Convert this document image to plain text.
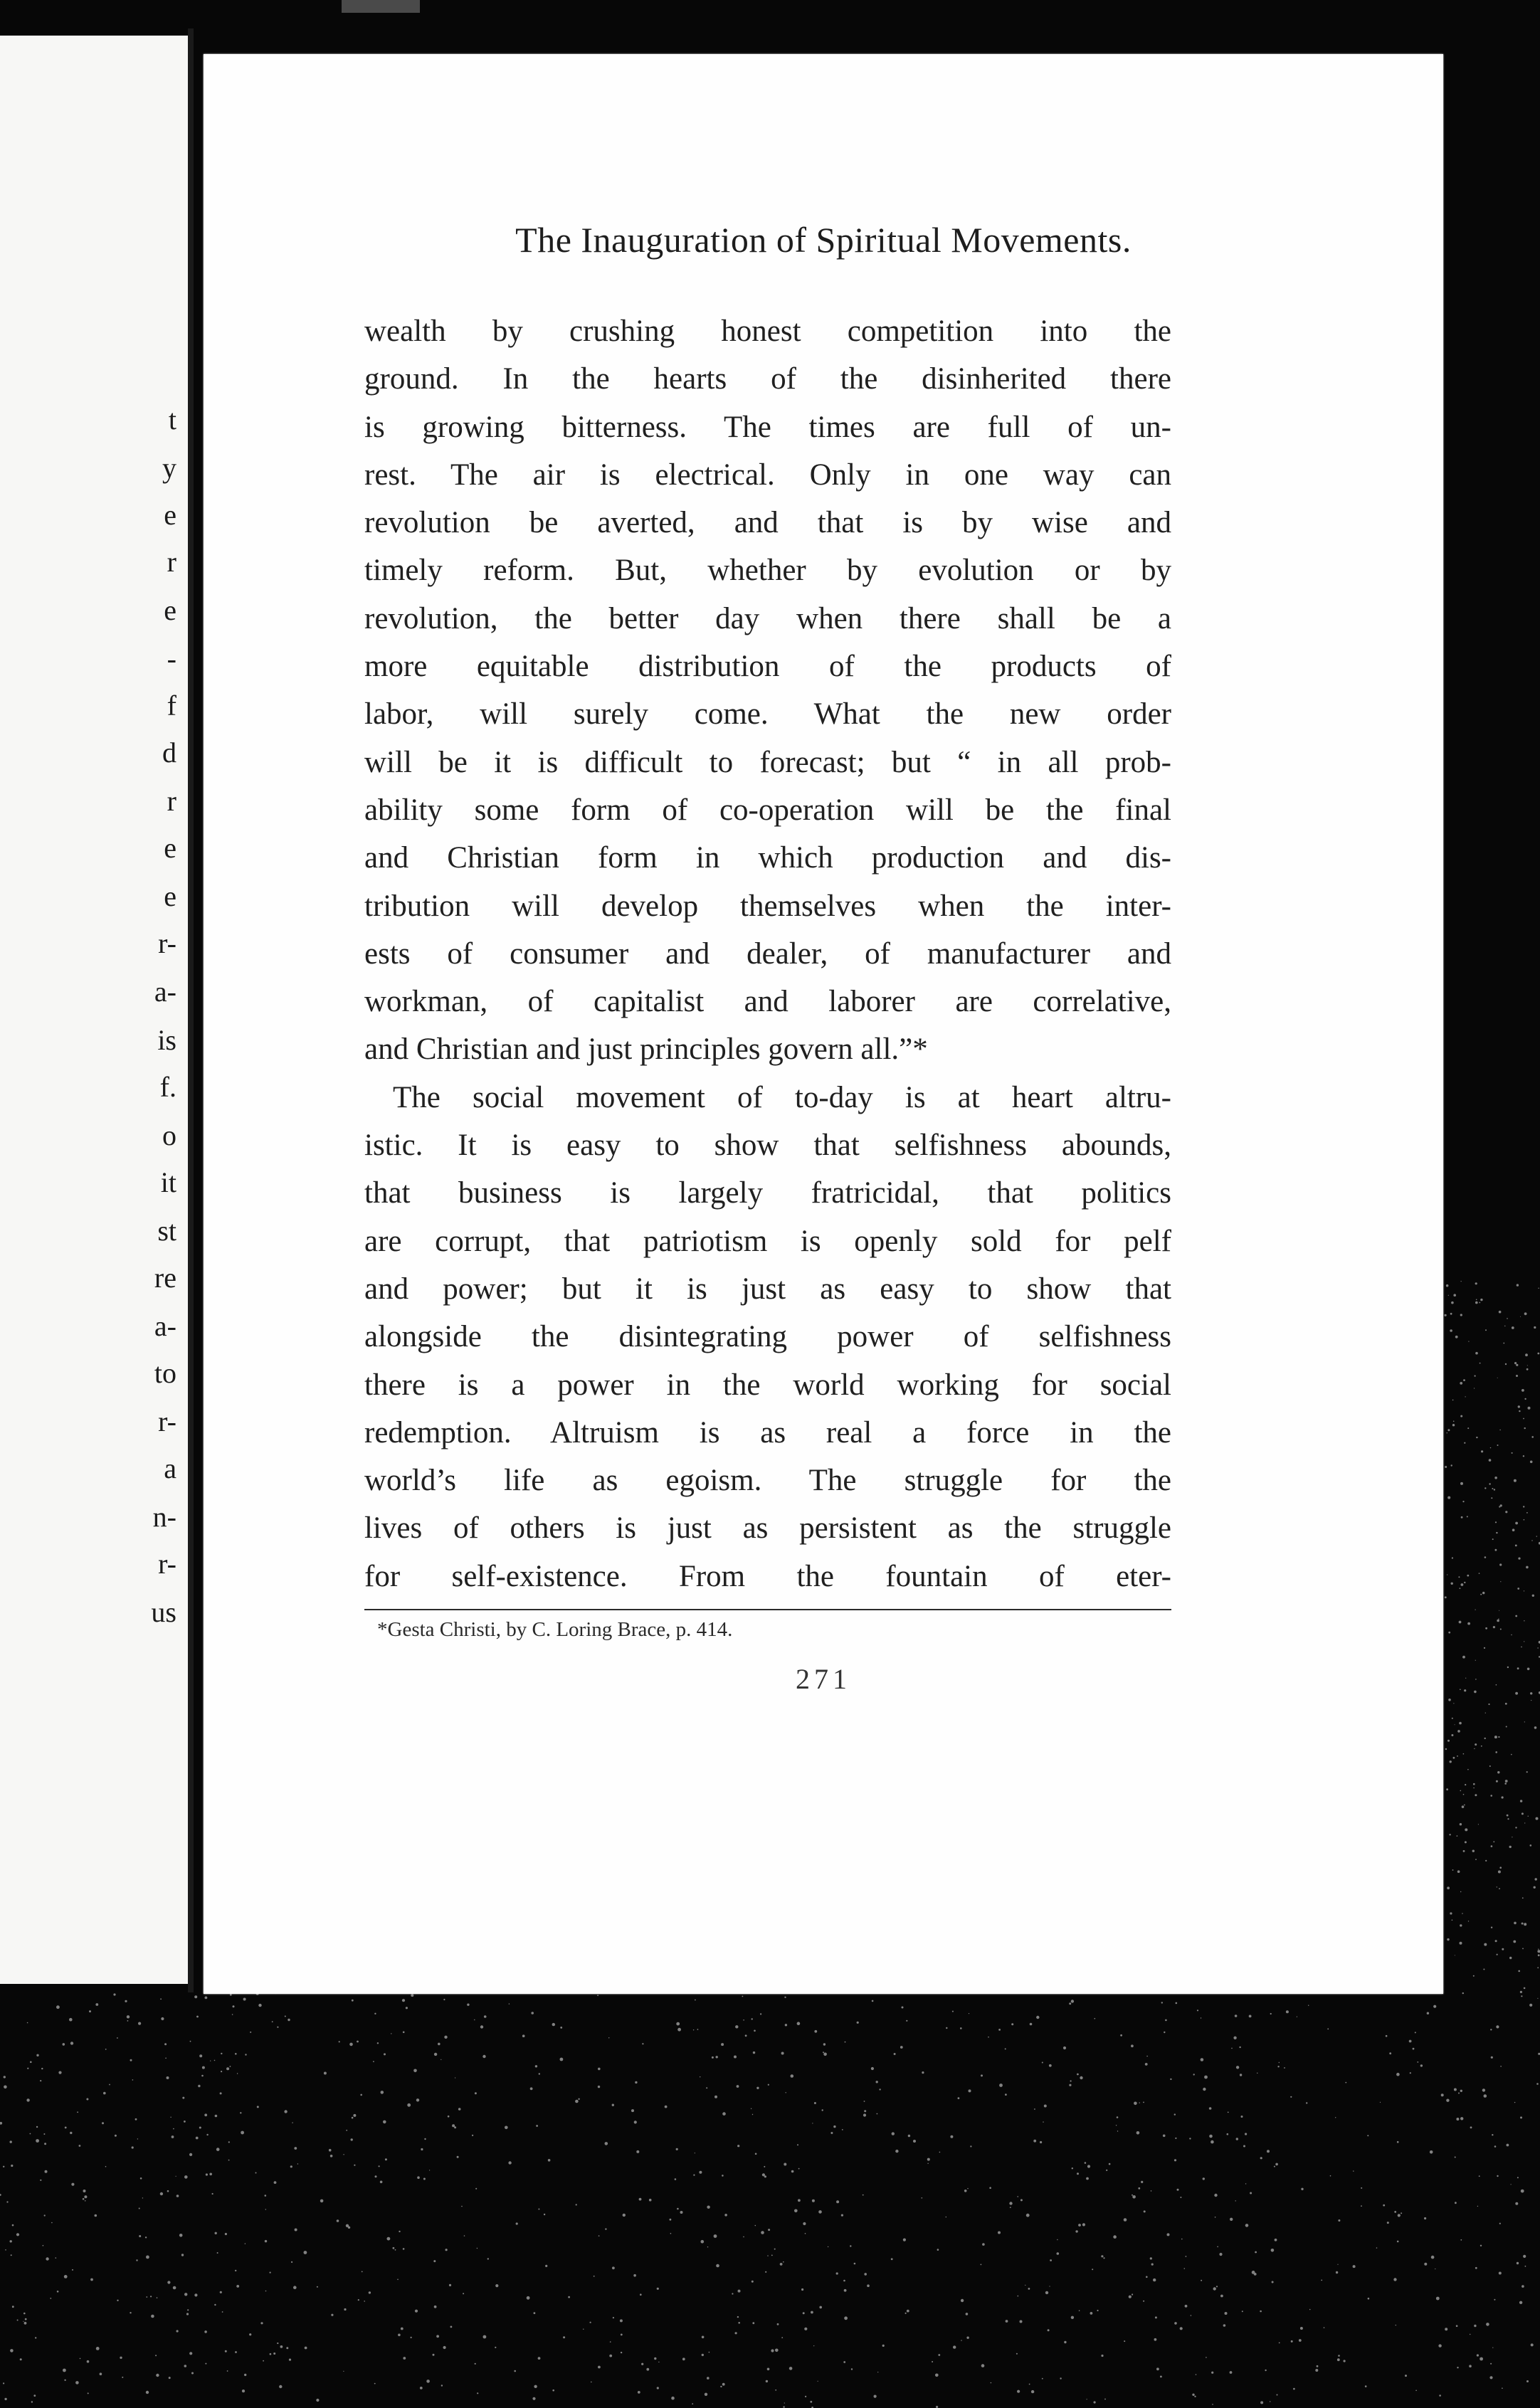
t
y
e
r
e
-
f
d
r
e
e
r-
a-
is
f.
o
it
st
re
a-
to
r-
a
n-
r-
us
The Inauguration of Spiritual Movements.
wealth by crushing honest competition into the
ground. In the hearts of the disinherited there
is growing bitterness. The times are full of un-
rest. The air is electrical. Only in one way can
revolution be averted, and that is by wise and
timely reform. But, whether by evolution or by
revolution, the better day when there shall be a
more equitable distribution of the products of
labor, will surely come. What the new order
will be it is difficult to forecast; but “ in all prob-
ability some form of co-operation will be the final
and Christian form in which production and dis-
tribution will develop themselves when the inter-
ests of consumer and dealer, of manufacturer and
workman, of capitalist and laborer are correlative,
and Christian and just principles govern all.”*
The social movement of to-day is at heart altru-
istic. It is easy to show that selfishness abounds,
that business is largely fratricidal, that politics
are corrupt, that patriotism is openly sold for pelf
and power; but it is just as easy to show that
alongside the disintegrating power of selfishness
there is a power in the world working for social
redemption. Altruism is as real a force in the
world’s life as egoism. The struggle for the
lives of others is just as persistent as the struggle
for self-existence. From the fountain of eter-
*Gesta Christi, by C. Loring Brace, p. 414.
271
